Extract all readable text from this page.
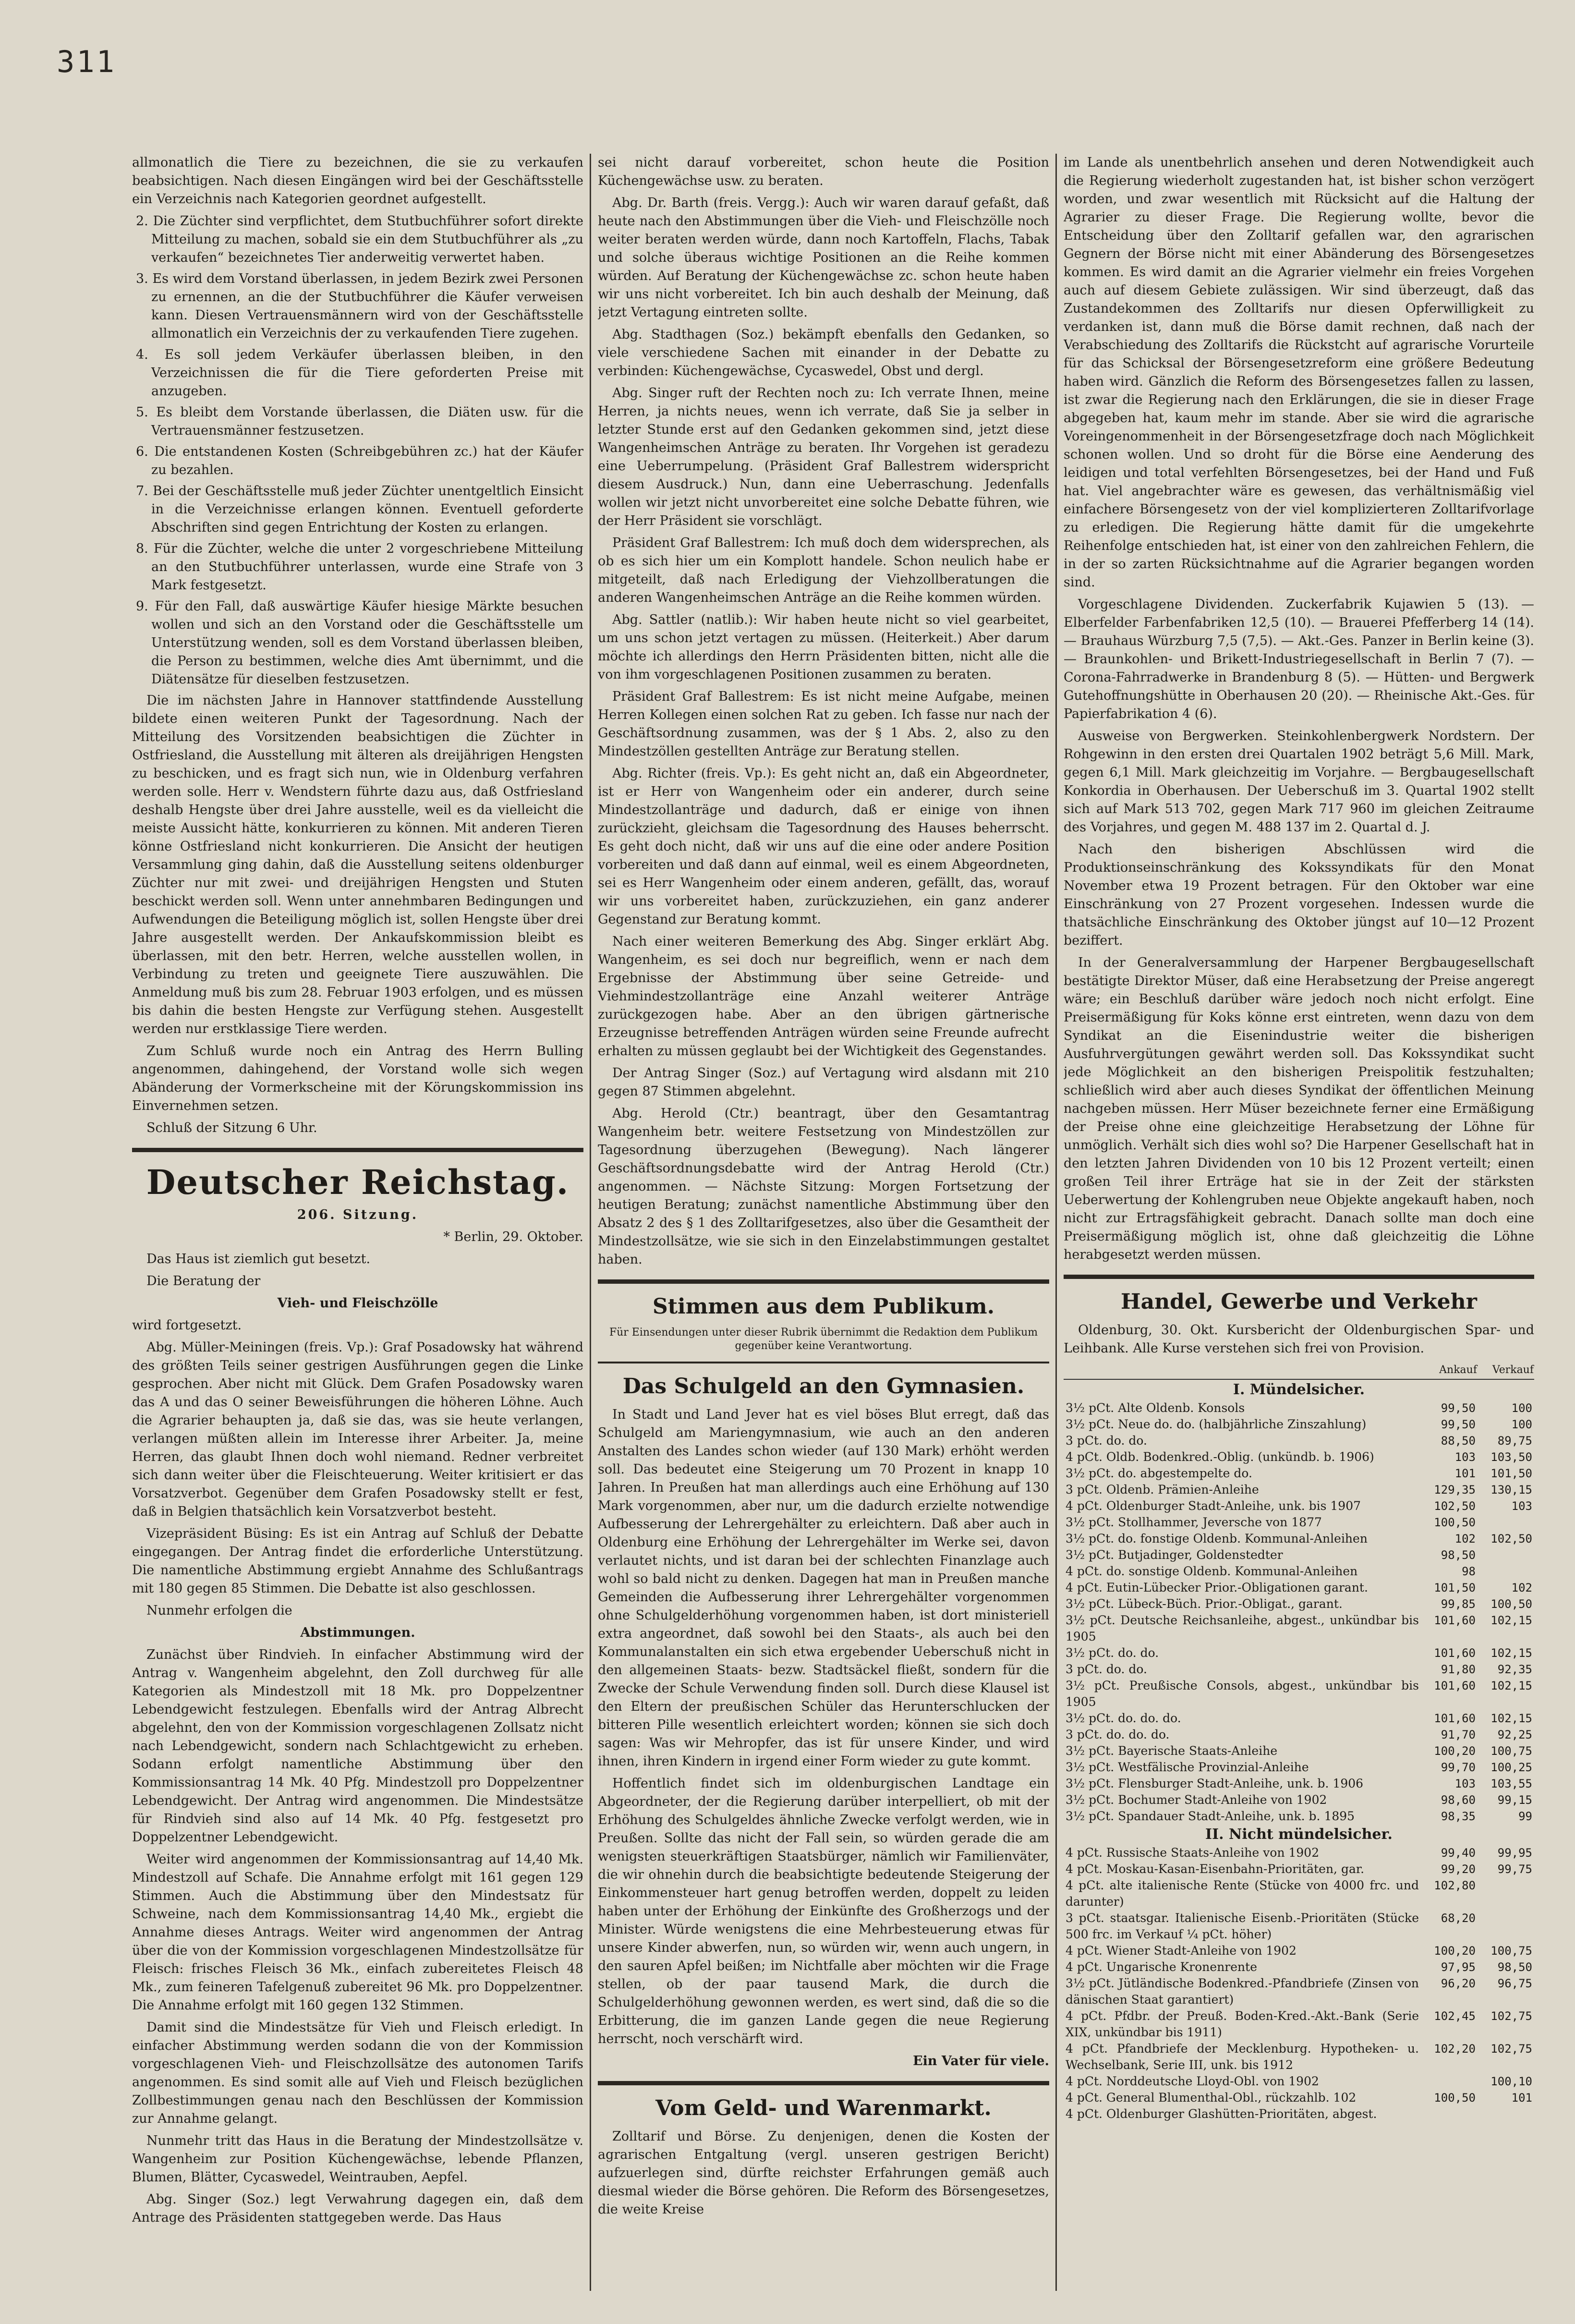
311

allmonatlich die Tiere zu bezeichnen, die sie zu verkaufen beabsichtigen. Nach diesen Eingängen wird bei der Geschäftsstelle ein Verzeichnis nach Kategorien geordnet aufgestellt.

2. Die Züchter sind verpflichtet, dem Stutbuchführer sofort direkte Mitteilung zu machen, sobald sie ein dem Stutbuchführer als „zu verkaufen“ bezeichnetes Tier anderweitig verwertet haben.

3. Es wird dem Vorstand überlassen, in jedem Bezirk zwei Personen zu ernennen, an die der Stutbuchführer die Käufer verweisen kann. Diesen Vertrauensmännern wird von der Geschäftsstelle allmonatlich ein Verzeichnis der zu verkaufenden Tiere zugehen.

4. Es soll jedem Verkäufer überlassen bleiben, in den Verzeichnissen die für die Tiere geforderten Preise mit anzugeben.

5. Es bleibt dem Vorstande überlassen, die Diäten usw. für die Vertrauensmänner festzusetzen.

6. Die entstandenen Kosten (Schreibgebühren zc.) hat der Käufer zu bezahlen.

7. Bei der Geschäftsstelle muß jeder Züchter unentgeltlich Einsicht in die Verzeichnisse erlangen können. Eventuell geforderte Abschriften sind gegen Entrichtung der Kosten zu erlangen.

8. Für die Züchter, welche die unter 2 vorgeschriebene Mitteilung an den Stutbuchführer unterlassen, wurde eine Strafe von 3 Mark festgesetzt.

9. Für den Fall, daß auswärtige Käufer hiesige Märkte besuchen wollen und sich an den Vorstand oder die Geschäftsstelle um Unterstützung wenden, soll es dem Vorstand überlassen bleiben, die Person zu bestimmen, welche dies Amt übernimmt, und die Diätensätze für dieselben festzusetzen.

Die im nächsten Jahre in Hannover stattfindende Ausstellung bildete einen weiteren Punkt der Tagesordnung. Nach der Mitteilung des Vorsitzenden beabsichtigen die Züchter in Ostfriesland, die Ausstellung mit älteren als dreijährigen Hengsten zu beschicken, und es fragt sich nun, wie in Oldenburg verfahren werden solle. Herr v. Wendstern führte dazu aus, daß Ostfriesland deshalb Hengste über drei Jahre ausstelle, weil es da vielleicht die meiste Aussicht hätte, konkurrieren zu können. Mit anderen Tieren könne Ostfriesland nicht konkurrieren. Die Ansicht der heutigen Versammlung ging dahin, daß die Ausstellung seitens oldenburger Züchter nur mit zwei- und dreijährigen Hengsten und Stuten beschickt werden soll. Wenn unter annehmbaren Bedingungen und Aufwendungen die Beteiligung möglich ist, sollen Hengste über drei Jahre ausgestellt werden. Der Ankaufskommission bleibt es überlassen, mit den betr. Herren, welche ausstellen wollen, in Verbindung zu treten und geeignete Tiere auszuwählen. Die Anmeldung muß bis zum 28. Februar 1903 erfolgen, und es müssen bis dahin die besten Hengste zur Verfügung stehen. Ausgestellt werden nur erstklassige Tiere werden.

Zum Schluß wurde noch ein Antrag des Herrn Bulling angenommen, dahingehend, der Vorstand wolle sich wegen Abänderung der Vormerkscheine mit der Körungskommission ins Einvernehmen setzen.

Schluß der Sitzung 6 Uhr.

Deutscher Reichstag.

206. Sitzung.

* Berlin, 29. Oktober.

Das Haus ist ziemlich gut besetzt.

Die Beratung der

Vieh- und Fleischzölle

wird fortgesetzt.

Abg. Müller-Meiningen (freis. Vp.): Graf Posadowsky hat während des größten Teils seiner gestrigen Ausführungen gegen die Linke gesprochen. Aber nicht mit Glück. Dem Grafen Posadowsky waren das A und das O seiner Beweisführungen die höheren Löhne. Auch die Agrarier behaupten ja, daß sie das, was sie heute verlangen, verlangen müßten allein im Interesse ihrer Arbeiter. Ja, meine Herren, das glaubt Ihnen doch wohl niemand. Redner verbreitet sich dann weiter über die Fleischteuerung. Weiter kritisiert er das Vorsatzverbot. Gegenüber dem Grafen Posadowsky stellt er fest, daß in Belgien thatsächlich kein Vorsatzverbot besteht.

Vizepräsident Büsing: Es ist ein Antrag auf Schluß der Debatte eingegangen. Der Antrag findet die erforderliche Unterstützung. Die namentliche Abstimmung ergiebt Annahme des Schlußantrags mit 180 gegen 85 Stimmen. Die Debatte ist also geschlossen.

Nunmehr erfolgen die

Abstimmungen.

Zunächst über Rindvieh. In einfacher Abstimmung wird der Antrag v. Wangenheim abgelehnt, den Zoll durchweg für alle Kategorien als Mindestzoll mit 18 Mk. pro Doppelzentner Lebendgewicht festzulegen. Ebenfalls wird der Antrag Albrecht abgelehnt, den von der Kommission vorgeschlagenen Zollsatz nicht nach Lebendgewicht, sondern nach Schlachtgewicht zu erheben. Sodann erfolgt namentliche Abstimmung über den Kommissionsantrag 14 Mk. 40 Pfg. Mindestzoll pro Doppelzentner Lebendgewicht. Der Antrag wird angenommen. Die Mindestsätze für Rindvieh sind also auf 14 Mk. 40 Pfg. festgesetzt pro Doppelzentner Lebendgewicht.

Weiter wird angenommen der Kommissionsantrag auf 14,40 Mk. Mindestzoll auf Schafe. Die Annahme erfolgt mit 161 gegen 129 Stimmen. Auch die Abstimmung über den Mindestsatz für Schweine, nach dem Kommissionsantrag 14,40 Mk., ergiebt die Annahme dieses Antrags. Weiter wird angenommen der Antrag über die von der Kommission vorgeschlagenen Mindestzollsätze für Fleisch: frisches Fleisch 36 Mk., einfach zubereitetes Fleisch 48 Mk., zum feineren Tafelgenuß zubereitet 96 Mk. pro Doppelzentner. Die Annahme erfolgt mit 160 gegen 132 Stimmen.

Damit sind die Mindestsätze für Vieh und Fleisch erledigt. In einfacher Abstimmung werden sodann die von der Kommission vorgeschlagenen Vieh- und Fleischzollsätze des autonomen Tarifs angenommen. Es sind somit alle auf Vieh und Fleisch bezüglichen Zollbestimmungen genau nach den Beschlüssen der Kommission zur Annahme gelangt.

Nunmehr tritt das Haus in die Beratung der Mindestzollsätze v. Wangenheim zur Position Küchengewächse, lebende Pflanzen, Blumen, Blätter, Cycaswedel, Weintrauben, Aepfel.

Abg. Singer (Soz.) legt Verwahrung dagegen ein, daß dem Antrage des Präsidenten stattgegeben werde. Das Haus

sei nicht darauf vorbereitet, schon heute die Position Küchengewächse usw. zu beraten.

Abg. Dr. Barth (freis. Vergg.): Auch wir waren darauf gefaßt, daß heute nach den Abstimmungen über die Vieh- und Fleischzölle noch weiter beraten werden würde, dann noch Kartoffeln, Flachs, Tabak und solche überaus wichtige Positionen an die Reihe kommen würden. Auf Beratung der Küchengewächse zc. schon heute haben wir uns nicht vorbereitet. Ich bin auch deshalb der Meinung, daß jetzt Vertagung eintreten sollte.

Abg. Stadthagen (Soz.) bekämpft ebenfalls den Gedanken, so viele verschiedene Sachen mit einander in der Debatte zu verbinden: Küchengewächse, Cycaswedel, Obst und dergl.

Abg. Singer ruft der Rechten noch zu: Ich verrate Ihnen, meine Herren, ja nichts neues, wenn ich verrate, daß Sie ja selber in letzter Stunde erst auf den Gedanken gekommen sind, jetzt diese Wangenheimschen Anträge zu beraten. Ihr Vorgehen ist geradezu eine Ueberrumpelung. (Präsident Graf Ballestrem widerspricht diesem Ausdruck.) Nun, dann eine Ueberraschung. Jedenfalls wollen wir jetzt nicht unvorbereitet eine solche Debatte führen, wie der Herr Präsident sie vorschlägt.

Präsident Graf Ballestrem: Ich muß doch dem widersprechen, als ob es sich hier um ein Komplott handele. Schon neulich habe er mitgeteilt, daß nach Erledigung der Viehzollberatungen die anderen Wangenheimschen Anträge an die Reihe kommen würden.

Abg. Sattler (natlib.): Wir haben heute nicht so viel gearbeitet, um uns schon jetzt vertagen zu müssen. (Heiterkeit.) Aber darum möchte ich allerdings den Herrn Präsidenten bitten, nicht alle die von ihm vorgeschlagenen Positionen zusammen zu beraten.

Präsident Graf Ballestrem: Es ist nicht meine Aufgabe, meinen Herren Kollegen einen solchen Rat zu geben. Ich fasse nur nach der Geschäftsordnung zusammen, was der § 1 Abs. 2, also zu den Mindestzöllen gestellten Anträge zur Beratung stellen.

Abg. Richter (freis. Vp.): Es geht nicht an, daß ein Abgeordneter, ist er Herr von Wangenheim oder ein anderer, durch seine Mindestzollanträge und dadurch, daß er einige von ihnen zurückzieht, gleichsam die Tagesordnung des Hauses beherrscht. Es geht doch nicht, daß wir uns auf die eine oder andere Position vorbereiten und daß dann auf einmal, weil es einem Abgeordneten, sei es Herr Wangenheim oder einem anderen, gefällt, das, worauf wir uns vorbereitet haben, zurückzuziehen, ein ganz anderer Gegenstand zur Beratung kommt.

Nach einer weiteren Bemerkung des Abg. Singer erklärt Abg. Wangenheim, es sei doch nur begreiflich, wenn er nach dem Ergebnisse der Abstimmung über seine Getreide- und Viehmindestzollanträge eine Anzahl weiterer Anträge zurückgezogen habe. Aber an den übrigen gärtnerische Erzeugnisse betreffenden Anträgen würden seine Freunde aufrecht erhalten zu müssen geglaubt bei der Wichtigkeit des Gegenstandes.

Der Antrag Singer (Soz.) auf Vertagung wird alsdann mit 210 gegen 87 Stimmen abgelehnt.

Abg. Herold (Ctr.) beantragt, über den Gesamtantrag Wangenheim betr. weitere Festsetzung von Mindestzöllen zur Tagesordnung überzugehen (Bewegung). Nach längerer Geschäftsordnungsdebatte wird der Antrag Herold (Ctr.) angenommen. — Nächste Sitzung: Morgen Fortsetzung der heutigen Beratung; zunächst namentliche Abstimmung über den Absatz 2 des § 1 des Zolltarifgesetzes, also über die Gesamtheit der Mindestzollsätze, wie sie sich in den Einzelabstimmungen gestaltet haben.

Stimmen aus dem Publikum.
Für Einsendungen unter dieser Rubrik übernimmt die Redaktion dem Publikum gegenüber keine Verantwortung.
Das Schulgeld an den Gymnasien.

In Stadt und Land Jever hat es viel böses Blut erregt, daß das Schulgeld am Mariengymnasium, wie auch an den anderen Anstalten des Landes schon wieder (auf 130 Mark) erhöht werden soll. Das bedeutet eine Steigerung um 70 Prozent in knapp 10 Jahren. In Preußen hat man allerdings auch eine Erhöhung auf 130 Mark vorgenommen, aber nur, um die dadurch erzielte notwendige Aufbesserung der Lehrergehälter zu erleichtern. Daß aber auch in Oldenburg eine Erhöhung der Lehrergehälter im Werke sei, davon verlautet nichts, und ist daran bei der schlechten Finanzlage auch wohl so bald nicht zu denken. Dagegen hat man in Preußen manche Gemeinden die Aufbesserung ihrer Lehrergehälter vorgenommen ohne Schulgelderhöhung vorgenommen haben, ist dort ministeriell extra angeordnet, daß sowohl bei den Staats-, als auch bei den Kommunalanstalten ein sich etwa ergebender Ueberschuß nicht in den allgemeinen Staats- bezw. Stadtsäckel fließt, sondern für die Zwecke der Schule Verwendung finden soll. Durch diese Klausel ist den Eltern der preußischen Schüler das Herunterschlucken der bitteren Pille wesentlich erleichtert worden; können sie sich doch sagen: Was wir Mehropfer, das ist für unsere Kinder, und wird ihnen, ihren Kindern in irgend einer Form wieder zu gute kommt.

Hoffentlich findet sich im oldenburgischen Landtage ein Abgeordneter, der die Regierung darüber interpelliert, ob mit der Erhöhung des Schulgeldes ähnliche Zwecke verfolgt werden, wie in Preußen. Sollte das nicht der Fall sein, so würden gerade die am wenigsten steuerkräftigen Staatsbürger, nämlich wir Familienväter, die wir ohnehin durch die beabsichtigte bedeutende Steigerung der Einkommensteuer hart genug betroffen werden, doppelt zu leiden haben unter der Erhöhung der Einkünfte des Großherzogs und der Minister. Würde wenigstens die eine Mehrbesteuerung etwas für unsere Kinder abwerfen, nun, so würden wir, wenn auch ungern, in den sauren Apfel beißen; im Nichtfalle aber möchten wir die Frage stellen, ob der paar tausend Mark, die durch die Schulgelderhöhung gewonnen werden, es wert sind, daß die so die Erbitterung, die im ganzen Lande gegen die neue Regierung herrscht, noch verschärft wird.

Ein Vater für viele.

Vom Geld- und Warenmarkt.

Zolltarif und Börse. Zu denjenigen, denen die Kosten der agrarischen Entgaltung (vergl. unseren gestrigen Bericht) aufzuerlegen sind, dürfte reichster Erfahrungen gemäß auch diesmal wieder die Börse gehören. Die Reform des Börsengesetzes, die weite Kreise

im Lande als unentbehrlich ansehen und deren Notwendigkeit auch die Regierung wiederholt zugestanden hat, ist bisher schon verzögert worden, und zwar wesentlich mit Rücksicht auf die Haltung der Agrarier zu dieser Frage. Die Regierung wollte, bevor die Entscheidung über den Zolltarif gefallen war, den agrarischen Gegnern der Börse nicht mit einer Abänderung des Börsengesetzes kommen. Es wird damit an die Agrarier vielmehr ein freies Vorgehen auch auf diesem Gebiete zulässigen. Wir sind überzeugt, daß das Zustandekommen des Zolltarifs nur diesen Opferwilligkeit zu verdanken ist, dann muß die Börse damit rechnen, daß nach der Verabschiedung des Zolltarifs die Rückstcht auf agrarische Vorurteile für das Schicksal der Börsengesetzreform eine größere Bedeutung haben wird. Gänzlich die Reform des Börsengesetzes fallen zu lassen, ist zwar die Regierung nach den Erklärungen, die sie in dieser Frage abgegeben hat, kaum mehr im stande. Aber sie wird die agrarische Voreingenommenheit in der Börsengesetzfrage doch nach Möglichkeit schonen wollen. Und so droht für die Börse eine Aenderung des leidigen und total verfehlten Börsengesetzes, bei der Hand und Fuß hat. Viel angebrachter wäre es gewesen, das verhältnismäßig viel einfachere Börsengesetz von der viel komplizierteren Zolltarifvorlage zu erledigen. Die Regierung hätte damit für die umgekehrte Reihenfolge entschieden hat, ist einer von den zahlreichen Fehlern, die in der so zarten Rücksichtnahme auf die Agrarier begangen worden sind.

Vorgeschlagene Dividenden. Zuckerfabrik Kujawien 5 (13). — Elberfelder Farbenfabriken 12,5 (10). — Brauerei Pfefferberg 14 (14). — Brauhaus Würzburg 7,5 (7,5). — Akt.-Ges. Panzer in Berlin keine (3). — Braunkohlen- und Brikett-Industriegesellschaft in Berlin 7 (7). — Corona-Fahrradwerke in Brandenburg 8 (5). — Hütten- und Bergwerk Gutehoffnungshütte in Oberhausen 20 (20). — Rheinische Akt.-Ges. für Papierfabrikation 4 (6).

Ausweise von Bergwerken. Steinkohlenbergwerk Nordstern. Der Rohgewinn in den ersten drei Quartalen 1902 beträgt 5,6 Mill. Mark, gegen 6,1 Mill. Mark gleichzeitig im Vorjahre. — Bergbaugesellschaft Konkordia in Oberhausen. Der Ueberschuß im 3. Quartal 1902 stellt sich auf Mark 513 702, gegen Mark 717 960 im gleichen Zeitraume des Vorjahres, und gegen M. 488 137 im 2. Quartal d. J.

Nach den bisherigen Abschlüssen wird die Produktionseinschränkung des Kokssyndikats für den Monat November etwa 19 Prozent betragen. Für den Oktober war eine Einschränkung von 27 Prozent vorgesehen. Indessen wurde die thatsächliche Einschränkung des Oktober jüngst auf 10—12 Prozent beziffert.

In der Generalversammlung der Harpener Bergbaugesellschaft bestätigte Direktor Müser, daß eine Herabsetzung der Preise angeregt wäre; ein Beschluß darüber wäre jedoch noch nicht erfolgt. Eine Preisermäßigung für Koks könne erst eintreten, wenn dazu von dem Syndikat an die Eisenindustrie weiter die bisherigen Ausfuhrvergütungen gewährt werden soll. Das Kokssyndikat sucht jede Möglichkeit an den bisherigen Preispolitik festzuhalten; schließlich wird aber auch dieses Syndikat der öffentlichen Meinung nachgeben müssen. Herr Müser bezeichnete ferner eine Ermäßigung der Preise ohne eine gleichzeitige Herabsetzung der Löhne für unmöglich. Verhält sich dies wohl so? Die Harpener Gesellschaft hat in den letzten Jahren Dividenden von 10 bis 12 Prozent verteilt; einen großen Teil ihrer Erträge hat sie in der Zeit der stärksten Ueberwertung der Kohlengruben neue Objekte angekauft haben, noch nicht zur Ertragsfähigkeit gebracht. Danach sollte man doch eine Preisermäßigung möglich ist, ohne daß gleichzeitig die Löhne herabgesetzt werden müssen.

Handel, Gewerbe und Verkehr

Oldenburg, 30. Okt. Kursbericht der Oldenburgischen Spar- und Leihbank. Alle Kurse verstehen sich frei von Provision.

	Ankauf	Verkauf
I. Mündelsicher.		
3½ pCt. Alte Oldenb. Konsols	99,50	100
3½ pCt. Neue do. do. (halbjährliche Zinszahlung)	99,50	100
3 pCt. do. do.	88,50	89,75
4 pCt. Oldb. Bodenkred.-Oblig. (unkündb. b. 1906)	103	103,50
3½ pCt. do. abgestempelte do.	101	101,50
3 pCt. Oldenb. Prämien-Anleihe	129,35	130,15
4 pCt. Oldenburger Stadt-Anleihe, unk. bis 1907	102,50	103
3½ pCt. Stollhammer, Jeversche von 1877	100,50	
3½ pCt. do. fonstige Oldenb. Kommunal-Anleihen	102	102,50
3½ pCt. Butjadinger, Goldenstedter	98,50	
4 pCt. do. sonstige Oldenb. Kommunal-Anleihen	98	
4 pCt. Eutin-Lübecker Prior.-Obligationen garant.	101,50	102
3½ pCt. Lübeck-Büch. Prior.-Obligat., garant.	99,85	100,50
3½ pCt. Deutsche Reichsanleihe, abgest., unkündbar bis 1905	101,60	102,15
3½ pCt. do. do.	101,60	102,15
3 pCt. do. do.	91,80	92,35
3½ pCt. Preußische Consols, abgest., unkündbar bis 1905	101,60	102,15
3½ pCt. do. do. do.	101,60	102,15
3 pCt. do. do. do.	91,70	92,25
3½ pCt. Bayerische Staats-Anleihe	100,20	100,75
3½ pCt. Westfälische Provinzial-Anleihe	99,70	100,25
3½ pCt. Flensburger Stadt-Anleihe, unk. b. 1906	103	103,55
3½ pCt. Bochumer Stadt-Anleihe von 1902	98,60	99,15
3½ pCt. Spandauer Stadt-Anleihe, unk. b. 1895	98,35	99
II. Nicht mündelsicher.		
4 pCt. Russische Staats-Anleihe von 1902	99,40	99,95
4 pCt. Moskau-Kasan-Eisenbahn-Prioritäten, gar.	99,20	99,75
4 pCt. alte italienische Rente (Stücke von 4000 frc. und darunter)	102,80	
3 pCt. staatsgar. Italienische Eisenb.-Prioritäten (Stücke 500 frc. im Verkauf ¼ pCt. höher)	68,20	
4 pCt. Wiener Stadt-Anleihe von 1902	100,20	100,75
4 pCt. Ungarische Kronenrente	97,95	98,50
3½ pCt. Jütländische Bodenkred.-Pfandbriefe (Zinsen von dänischen Staat garantiert)	96,20	96,75
4 pCt. Pfdbr. der Preuß. Boden-Kred.-Akt.-Bank (Serie XIX, unkündbar bis 1911)	102,45	102,75
4 pCt. Pfandbriefe der Mecklenburg. Hypotheken- u. Wechselbank, Serie III, unk. bis 1912	102,20	102,75
4 pCt. Norddeutsche Lloyd-Obl. von 1902		100,10
4 pCt. General Blumenthal-Obl., rückzahlb. 102	100,50	101
4 pCt. Oldenburger Glashütten-Prioritäten, abgest.		
